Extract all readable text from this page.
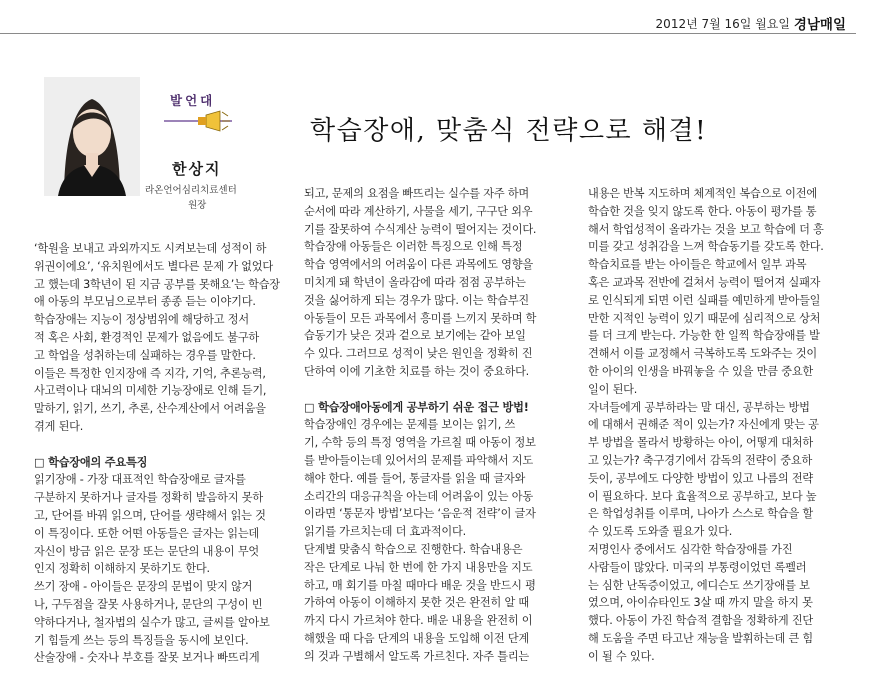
2012년 7월 16일 월요일 경남매일
발언대
한상지
라온언어심리치료센터
원장
학습장애, 맞춤식 전략으로 해결!
‘학원을 보내고 과외까지도 시켜보는데 성적이 하
위권이에요’, ‘유치원에서도 별다른 문제 가 없었다
고 했는데 3학년이 된 지금 공부를 못해요’는 학습장
애 아동의 부모님으로부터 종종 듣는 이야기다.
학습장애는 지능이 정상범위에 해당하고 정서
적 혹은 사회, 환경적인 문제가 없음에도 불구하
고 학업을 성취하는데 실패하는 경우를 말한다.
이들은 특정한 인지장애 즉 지각, 기억, 추론능력,
사고력이나 대뇌의 미세한 기능장애로 인해 듣기,
말하기, 읽기, 쓰기, 추론, 산수계산에서 어려움을
겪게 된다.
□ 학습장애의 주요특징
읽기장애 - 가장 대표적인 학습장애로 글자를
구분하지 못하거나 글자를 정확히 발음하지 못하
고, 단어를 바꿔 읽으며, 단어를 생략해서 읽는 것
이 특징이다. 또한 어떤 아동들은 글자는 읽는데
자신이 방금 읽은 문장 또는 문단의 내용이 무엇
인지 정확히 이해하지 못하기도 한다.
쓰기 장애 - 아이들은 문장의 문법이 맞지 않거
나, 구두점을 잘못 사용하거나, 문단의 구성이 빈
약하다거나, 철자법의 실수가 많고, 글씨를 알아보
기 힘들게 쓰는 등의 특징들을 동시에 보인다.
산술장애 - 숫자나 부호를 잘못 보거나 빠뜨리게
되고, 문제의 요점을 빠뜨리는 실수를 자주 하며
순서에 따라 계산하기, 사물을 세기, 구구단 외우
기를 잘못하여 수식계산 능력이 떨어지는 것이다.
학습장애 아동들은 이러한 특징으로 인해 특정
학습 영역에서의 어려움이 다른 과목에도 영향을
미치게 돼 학년이 올라감에 따라 점점 공부하는
것을 싫어하게 되는 경우가 많다. 이는 학습부진
아동들이 모든 과목에서 흥미를 느끼지 못하며 학
습동기가 낮은 것과 겉으로 보기에는 같아 보일
수 있다. 그러므로 성적이 낮은 원인을 정확히 진
단하여 이에 기초한 치료를 하는 것이 중요하다.
□ 학습장애아동에게 공부하기 쉬운 접근 방법!
학습장애인 경우에는 문제를 보이는 읽기, 쓰
기, 수학 등의 특정 영역을 가르칠 때 아동이 정보
를 받아들이는데 있어서의 문제를 파악해서 지도
해야 한다. 예를 들어, 통글자를 읽을 때 글자와
소리간의 대응규칙을 아는데 어려움이 있는 아동
이라면 ‘통문자 방법’보다는 ‘음운적 전략’이 글자
읽기를 가르치는데 더 효과적이다.
단계별 맞춤식 학습으로 진행한다. 학습내용은
작은 단계로 나눠 한 번에 한 가지 내용만을 지도
하고, 매 회기를 마칠 때마다 배운 것을 반드시 평
가하여 아동이 이해하지 못한 것은 완전히 알 때
까지 다시 가르쳐야 한다. 배운 내용을 완전히 이
해했을 때 다음 단계의 내용을 도입해 이전 단계
의 것과 구별해서 알도록 가르친다. 자주 틀리는
내용은 반복 지도하며 체계적인 복습으로 이전에
학습한 것을 잊지 않도록 한다. 아동이 평가를 통
해서 학업성적이 올라가는 것을 보고 학습에 더 흥
미를 갖고 성취감을 느껴 학습동기를 갖도록 한다.
학습치료를 받는 아이들은 학교에서 일부 과목
혹은 교과목 전반에 걸쳐서 능력이 떨어져 실패자
로 인식되게 되면 이런 실패를 예민하게 받아들일
만한 지적인 능력이 있기 때문에 심리적으로 상처
를 더 크게 받는다. 가능한 한 일찍 학습장애를 발
견해서 이를 교정해서 극복하도록 도와주는 것이
한 아이의 인생을 바꿔놓을 수 있을 만큼 중요한
일이 된다.
자녀들에게 공부하라는 말 대신, 공부하는 방법
에 대해서 권해준 적이 있는가? 자신에게 맞는 공
부 방법을 몰라서 방황하는 아이, 어떻게 대처하
고 있는가? 축구경기에서 감독의 전략이 중요하
듯이, 공부에도 다양한 방법이 있고 나름의 전략
이 필요하다. 보다 효율적으로 공부하고, 보다 높
은 학업성취를 이루며, 나아가 스스로 학습을 할
수 있도록 도와줄 필요가 있다.
저명인사 중에서도 심각한 학습장애를 가진
사람들이 많았다. 미국의 부통령이었던 록펠러
는 심한 난독증이었고, 에디슨도 쓰기장애를 보
였으며, 아이슈타인도 3살 때 까지 말을 하지 못
했다. 아동이 가진 학습적 결함을 정확하게 진단
해 도움을 주면 타고난 재능을 발휘하는데 큰 힘
이 될 수 있다.
